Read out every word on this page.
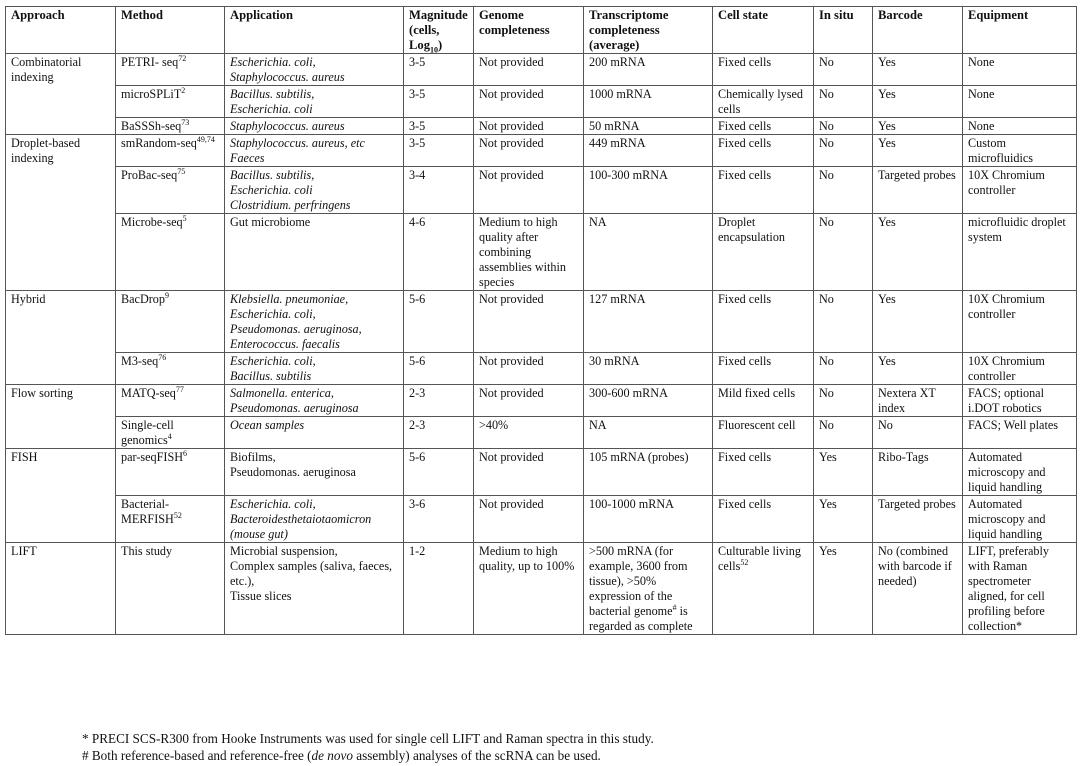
Approach	Method	Application	Magnitude (cells, Log$_{10}$)	Genome completeness	Transcriptome completeness (average)	Cell state	In situ	Barcode	Equipment
Combinatorial indexing	PETRI- seq$^{72}$	Escherichia. coli,
Staphylococcus. aureus	3-5	Not provided	200 mRNA	Fixed cells	No	Yes	None
	microSPLiT$^2$	Bacillus. subtilis,
Escherichia. coli	3-5	Not provided	1000 mRNA	Chemically lysed cells	No	Yes	None
	BaSSSh-seq$^{73}$	Staphylococcus. aureus	3-5	Not provided	50 mRNA	Fixed cells	No	Yes	None
Droplet-based indexing	smRandom-seq$^{49,74}$	Staphylococcus. aureus, etc
Faeces	3-5	Not provided	449 mRNA	Fixed cells	No	Yes	Custom microfluidics
	ProBac-seq$^{75}$	Bacillus. subtilis,
Escherichia. coli
Clostridium. perfringens	3-4	Not provided	100-300 mRNA	Fixed cells	No	Targeted probes	10X Chromium controller
	Microbe-seq$^5$	Gut microbiome	4-6	Medium to high quality after combining assemblies within species	NA	Droplet encapsulation	No	Yes	microfluidic droplet system
Hybrid	BacDrop$^9$	Klebsiella. pneumoniae,
Escherichia. coli,
Pseudomonas. aeruginosa,
Enterococcus. faecalis	5-6	Not provided	127 mRNA	Fixed cells	No	Yes	10X Chromium controller
	M3-seq$^{76}$	Escherichia. coli,
Bacillus. subtilis	5-6	Not provided	30 mRNA	Fixed cells	No	Yes	10X Chromium controller
Flow sorting	MATQ-seq$^{77}$	Salmonella. enterica,
Pseudomonas. aeruginosa	2-3	Not provided	300-600 mRNA	Mild fixed cells	No	Nextera XT index	FACS; optional i.DOT robotics
	Single-cell genomics$^4$	Ocean samples	2-3	>40%	NA	Fluorescent cell	No	No	FACS; Well plates
FISH	par-seqFISH$^6$	Biofilms,
Pseudomonas. aeruginosa	5-6	Not provided	105 mRNA (probes)	Fixed cells	Yes	Ribo-Tags	Automated microscopy and liquid handling
	Bacterial-MERFISH$^{52}$	Escherichia. coli,
Bacteroidesthetaiotaomicron
(mouse gut)	3-6	Not provided	100-1000 mRNA	Fixed cells	Yes	Targeted probes	Automated microscopy and liquid handling
LIFT	This study	Microbial suspension,
Complex samples (saliva, faeces, etc.),
Tissue slices	1-2	Medium to high quality, up to 100%	>500 mRNA (for example, 3600 from tissue), >50% expression of the bacterial genome# is regarded as complete	Culturable living cells$^{52}$	Yes	No (combined with barcode if needed)	LIFT, preferably with Raman spectrometer aligned, for cell profiling before collection*

* PRECI SCS-R300 from Hooke Instruments was used for single cell LIFT and Raman spectra in this study.

# Both reference-based and reference-free (de novo assembly) analyses of the scRNA can be used.
